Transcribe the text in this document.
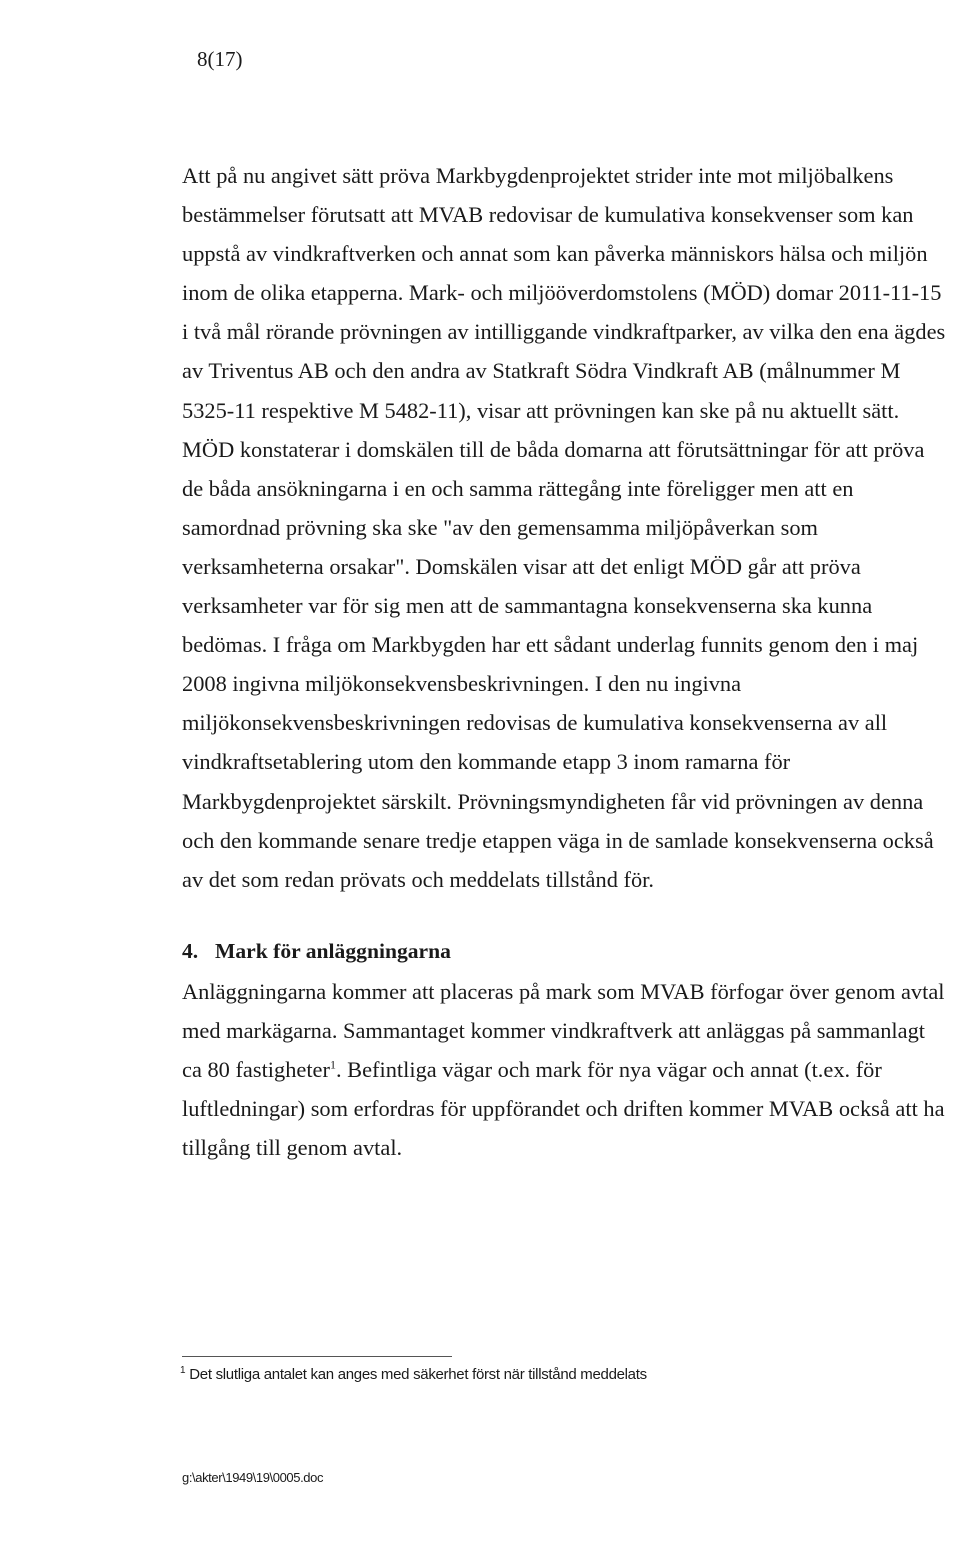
8(17)
Att på nu angivet sätt pröva Markbygdenprojektet strider inte mot miljöbalkens
bestämmelser förutsatt att MVAB redovisar de kumulativa konsekvenser som kan
uppstå av vindkraftverken och annat som kan påverka människors hälsa och miljön
inom de olika etapperna. Mark- och miljööverdomstolens (MÖD) domar 2011-11-15
i två mål rörande prövningen av intilliggande vindkraftparker, av vilka den ena ägdes
av Triventus AB och den andra av Statkraft Södra Vindkraft AB (målnummer M
5325-11 respektive M 5482-11), visar att prövningen kan ske på nu aktuellt sätt.
MÖD konstaterar i domskälen till de båda domarna att förutsättningar för att pröva
de båda ansökningarna i en och samma rättegång inte föreligger men att en
samordnad prövning ska ske "av den gemensamma miljöpåverkan som
verksamheterna orsakar". Domskälen visar att det enligt MÖD går att pröva
verksamheter var för sig men att de sammantagna konsekvenserna ska kunna
bedömas. I fråga om Markbygden har ett sådant underlag funnits genom den i maj
2008 ingivna miljökonsekvensbeskrivningen. I den nu ingivna
miljökonsekvensbeskrivningen redovisas de kumulativa konsekvenserna av all
vindkraftsetablering utom den kommande etapp 3 inom ramarna för
Markbygdenprojektet särskilt. Prövningsmyndigheten får vid prövningen av denna
och den kommande senare tredje etappen väga in de samlade konsekvenserna också
av det som redan prövats och meddelats tillstånd för.
4. Mark för anläggningarna
Anläggningarna kommer att placeras på mark som MVAB förfogar över genom avtal
med markägarna. Sammantaget kommer vindkraftverk att anläggas på sammanlagt
ca 80 fastigheter$^1$. Befintliga vägar och mark för nya vägar och annat (t.ex. för
luftledningar) som erfordras för uppförandet och driften kommer MVAB också att ha
tillgång till genom avtal.
$^1$ Det slutliga antalet kan anges med säkerhet först när tillstånd meddelats
g:\akter\1949\19\0005.doc
